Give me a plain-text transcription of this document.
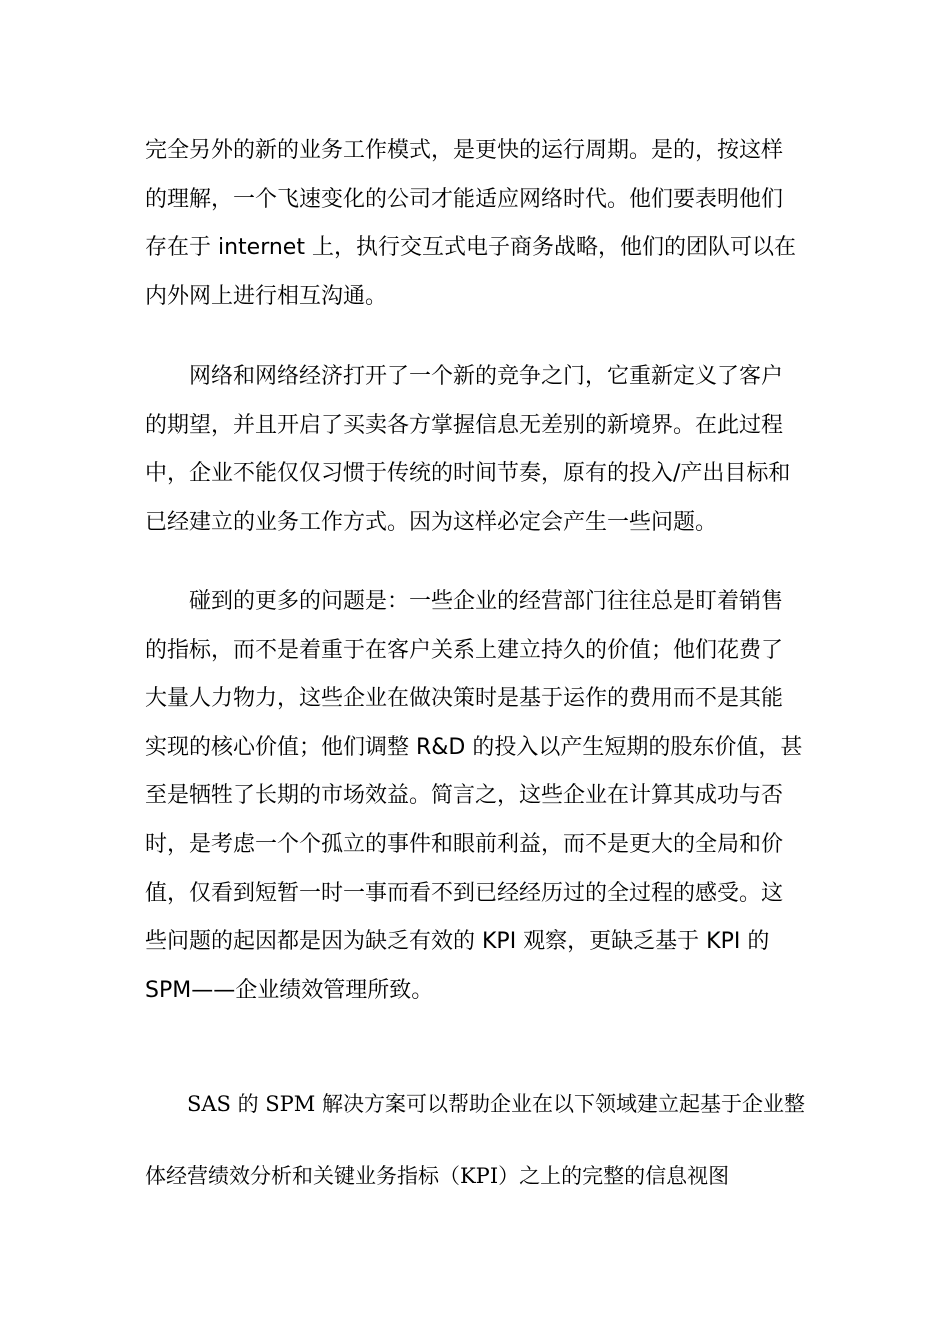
完全另外的新的业务工作模式，是更快的运行周期。是的，按这样
的理解，一个飞速变化的公司才能适应网络时代。他们要表明他们
存在于 internet 上，执行交互式电子商务战略，他们的团队可以在
内外网上进行相互沟通。

　　网络和网络经济打开了一个新的竞争之门，它重新定义了客户
的期望，并且开启了买卖各方掌握信息无差别的新境界。在此过程
中，企业不能仅仅习惯于传统的时间节奏，原有的投入/产出目标和
已经建立的业务工作方式。因为这样必定会产生一些问题。

　　碰到的更多的问题是：一些企业的经营部门往往总是盯着销售
的指标，而不是着重于在客户关系上建立持久的价值；他们花费了
大量人力物力，这些企业在做决策时是基于运作的费用而不是其能
实现的核心价值；他们调整 R&D 的投入以产生短期的股东价值，甚
至是牺牲了长期的市场效益。简言之，这些企业在计算其成功与否
时，是考虑一个个孤立的事件和眼前利益，而不是更大的全局和价
值，仅看到短暂一时一事而看不到已经经历过的全过程的感受。这
些问题的起因都是因为缺乏有效的 KPI 观察，更缺乏基于 KPI 的
SPM——企业绩效管理所致。

　　SAS 的 SPM 解决方案可以帮助企业在以下领域建立起基于企业整
体经营绩效分析和关键业务指标（KPI）之上的完整的信息视图
